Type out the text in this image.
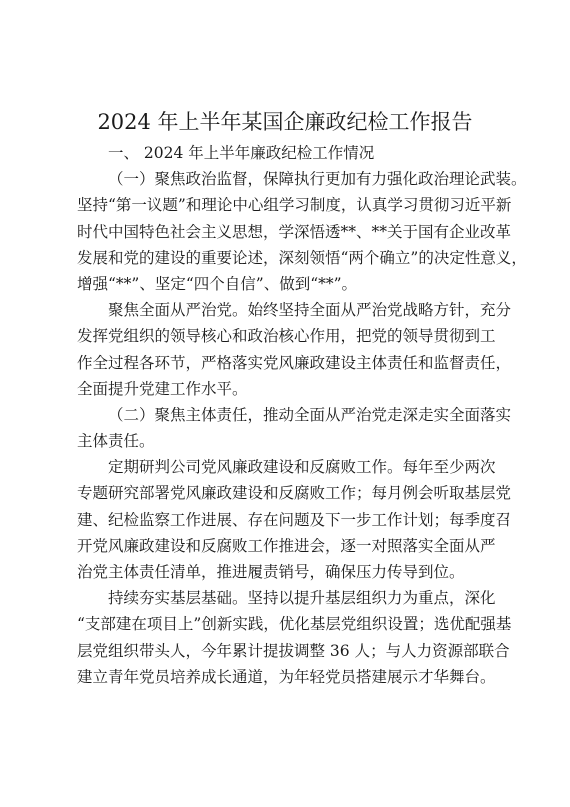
2024 年上半年某国企廉政纪检工作报告
一、 2024 年上半年廉政纪检工作情况
（一）聚焦政治监督，保障执行更加有力强化政治理论武装。
坚持“第一议题”和理论中心组学习制度，认真学习贯彻习近平新
时代中国特色社会主义思想，学深悟透**、**关于国有企业改革
发展和党的建设的重要论述，深刻领悟“两个确立”的决定性意义，
增强“**”、坚定“四个自信”、做到“**”。
聚焦全面从严治党。始终坚持全面从严治党战略方针，充分
发挥党组织的领导核心和政治核心作用，把党的领导贯彻到工
作全过程各环节，严格落实党风廉政建设主体责任和监督责任，
全面提升党建工作水平。
（二）聚焦主体责任，推动全面从严治党走深走实全面落实
主体责任。
定期研判公司党风廉政建设和反腐败工作。每年至少两次
专题研究部署党风廉政建设和反腐败工作；每月例会听取基层党
建、纪检监察工作进展、存在问题及下一步工作计划；每季度召
开党风廉政建设和反腐败工作推进会，逐一对照落实全面从严
治党主体责任清单，推进履责销号，确保压力传导到位。
持续夯实基层基础。坚持以提升基层组织力为重点，深化
“支部建在项目上”创新实践，优化基层党组织设置；选优配强基
层党组织带头人，今年累计提拔调整 36 人；与人力资源部联合
建立青年党员培养成长通道，为年轻党员搭建展示才华舞台。
